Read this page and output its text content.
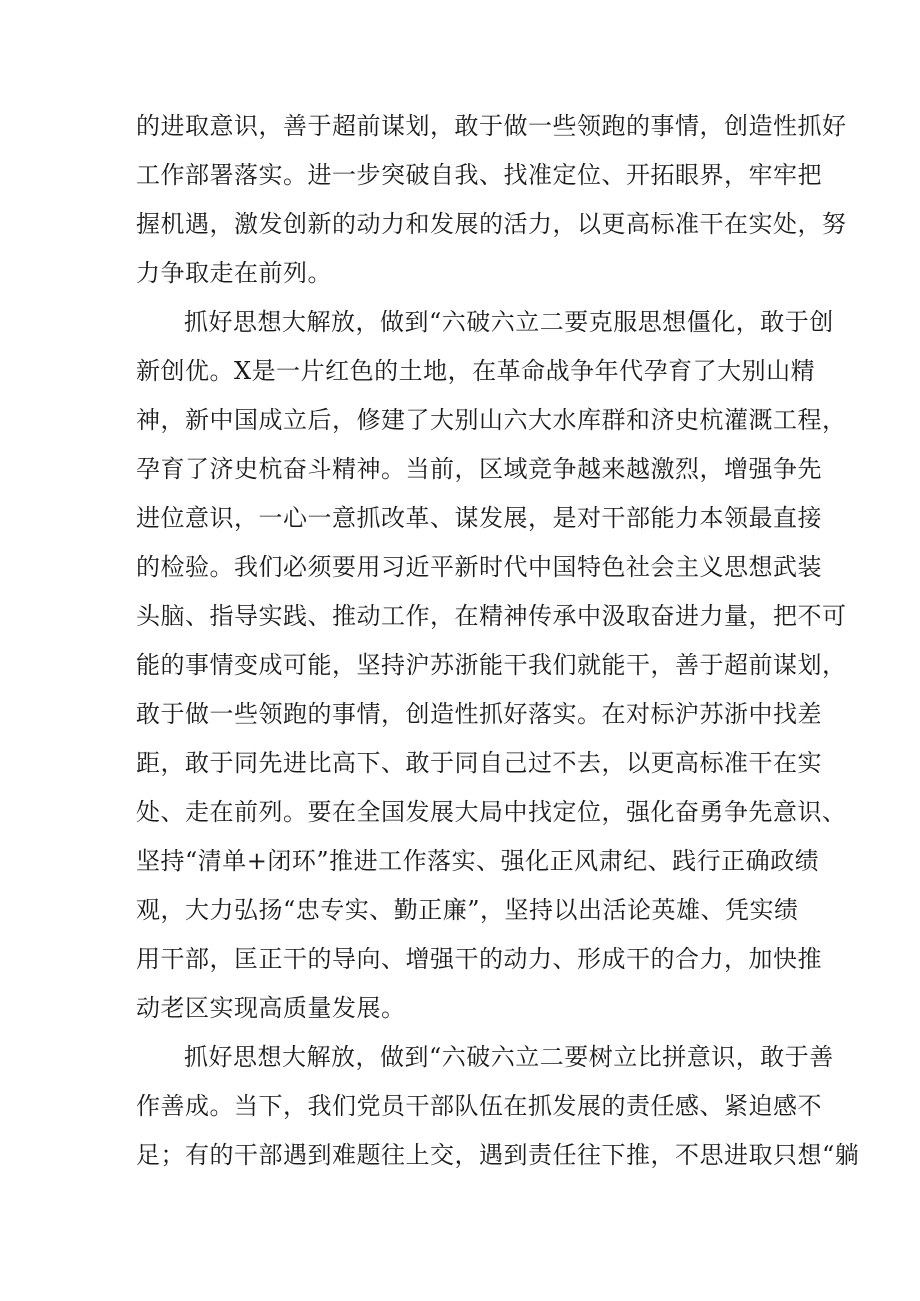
的进取意识，善于超前谋划，敢于做一些领跑的事情，创造性抓好

工作部署落实。进一步突破自我、找准定位、开拓眼界，牢牢把

握机遇，激发创新的动力和发展的活力，以更高标准干在实处，努

力争取走在前列。

抓好思想大解放，做到“六破六立二要克服思想僵化，敢于创

新创优。X是一片红色的土地，在革命战争年代孕育了大别山精

神，新中国成立后，修建了大别山六大水库群和济史杭灌溉工程，

孕育了济史杭奋斗精神。当前，区域竞争越来越激烈，增强争先

进位意识，一心一意抓改革、谋发展，是对干部能力本领最直接

的检验。我们必须要用习近平新时代中国特色社会主义思想武装

头脑、指导实践、推动工作，在精神传承中汲取奋进力量，把不可

能的事情变成可能，坚持沪苏浙能干我们就能干，善于超前谋划，

敢于做一些领跑的事情，创造性抓好落实。在对标沪苏浙中找差

距，敢于同先进比高下、敢于同自己过不去，以更高标准干在实

处、走在前列。要在全国发展大局中找定位，强化奋勇争先意识、

坚持“清单+闭环”推进工作落实、强化正风肃纪、践行正确政绩

观，大力弘扬“忠专实、勤正廉”，坚持以出活论英雄、凭实绩

用干部，匡正干的导向、增强干的动力、形成干的合力，加快推

动老区实现高质量发展。

抓好思想大解放，做到“六破六立二要树立比拼意识，敢于善

作善成。当下，我们党员干部队伍在抓发展的责任感、紧迫感不

足；有的干部遇到难题往上交，遇到责任往下推，不思进取只想“躺
